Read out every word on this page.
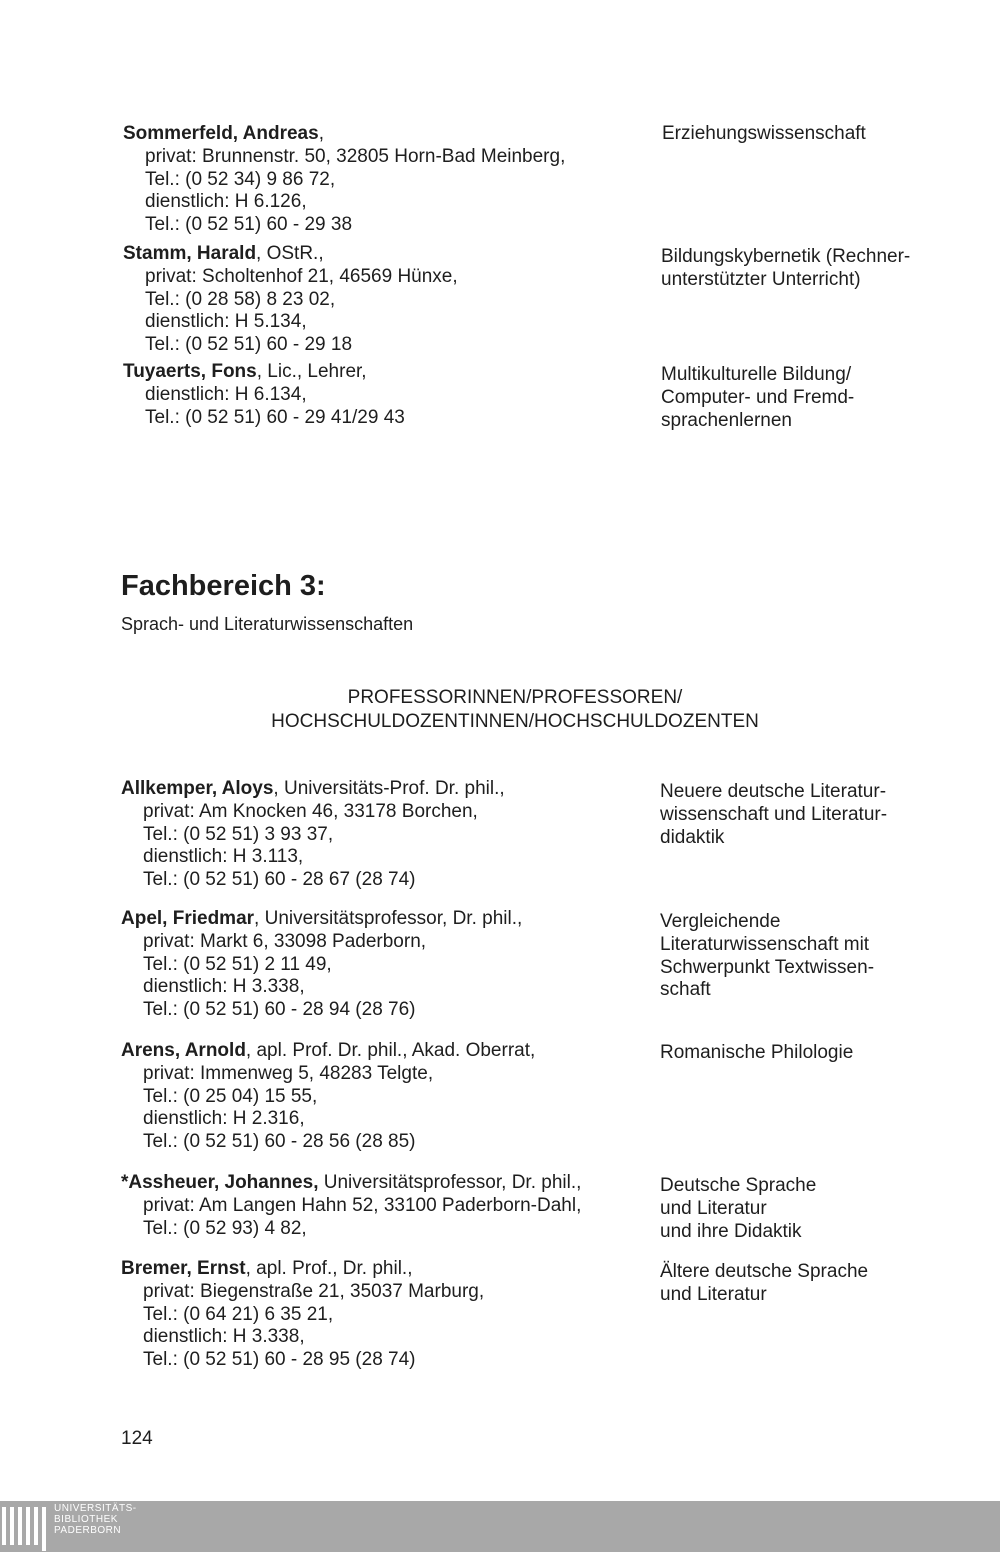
Sommerfeld, Andreas,
privat: Brunnenstr. 50, 32805 Horn-Bad Meinberg,
Tel.: (0 52 34) 9 86 72,
dienstlich: H 6.126,
Tel.: (0 52 51) 60 - 29 38
Erziehungswissenschaft
Stamm, Harald, OStR.,
privat: Scholtenhof 21, 46569 Hünxe,
Tel.: (0 28 58) 8 23 02,
dienstlich: H 5.134,
Tel.: (0 52 51) 60 - 29 18
Bildungskybernetik (Rechner-
unterstützter Unterricht)
Tuyaerts, Fons, Lic., Lehrer,
dienstlich: H 6.134,
Tel.: (0 52 51) 60 - 29 41/29 43
Multikulturelle Bildung/
Computer- und Fremd-
sprachenlernen
Fachbereich 3:
Sprach- und Literaturwissenschaften
PROFESSORINNEN/PROFESSOREN/
HOCHSCHULDOZENTINNEN/HOCHSCHULDOZENTEN
Allkemper, Aloys, Universitäts-Prof. Dr. phil.,
privat: Am Knocken 46, 33178 Borchen,
Tel.: (0 52 51) 3 93 37,
dienstlich: H 3.113,
Tel.: (0 52 51) 60 - 28 67 (28 74)
Neuere deutsche Literatur-
wissenschaft und Literatur-
didaktik
Apel, Friedmar, Universitätsprofessor, Dr. phil.,
privat: Markt 6, 33098 Paderborn,
Tel.: (0 52 51) 2 11 49,
dienstlich: H 3.338,
Tel.: (0 52 51) 60 - 28 94 (28 76)
Vergleichende
Literaturwissenschaft mit
Schwerpunkt Textwissen-
schaft
Arens, Arnold, apl. Prof. Dr. phil., Akad. Oberrat,
privat: Immenweg 5, 48283 Telgte,
Tel.: (0 25 04) 15 55,
dienstlich: H 2.316,
Tel.: (0 52 51) 60 - 28 56 (28 85)
Romanische Philologie
*Assheuer, Johannes, Universitätsprofessor, Dr. phil.,
privat: Am Langen Hahn 52, 33100 Paderborn-Dahl,
Tel.: (0 52 93) 4 82,
Deutsche Sprache
und Literatur
und ihre Didaktik
Bremer, Ernst, apl. Prof., Dr. phil.,
privat: Biegenstraße 21, 35037 Marburg,
Tel.: (0 64 21) 6 35 21,
dienstlich: H 3.338,
Tel.: (0 52 51) 60 - 28 95 (28 74)
Ältere deutsche Sprache
und Literatur
124
UNIVERSITÄTS-
BIBLIOTHEK
PADERBORN
